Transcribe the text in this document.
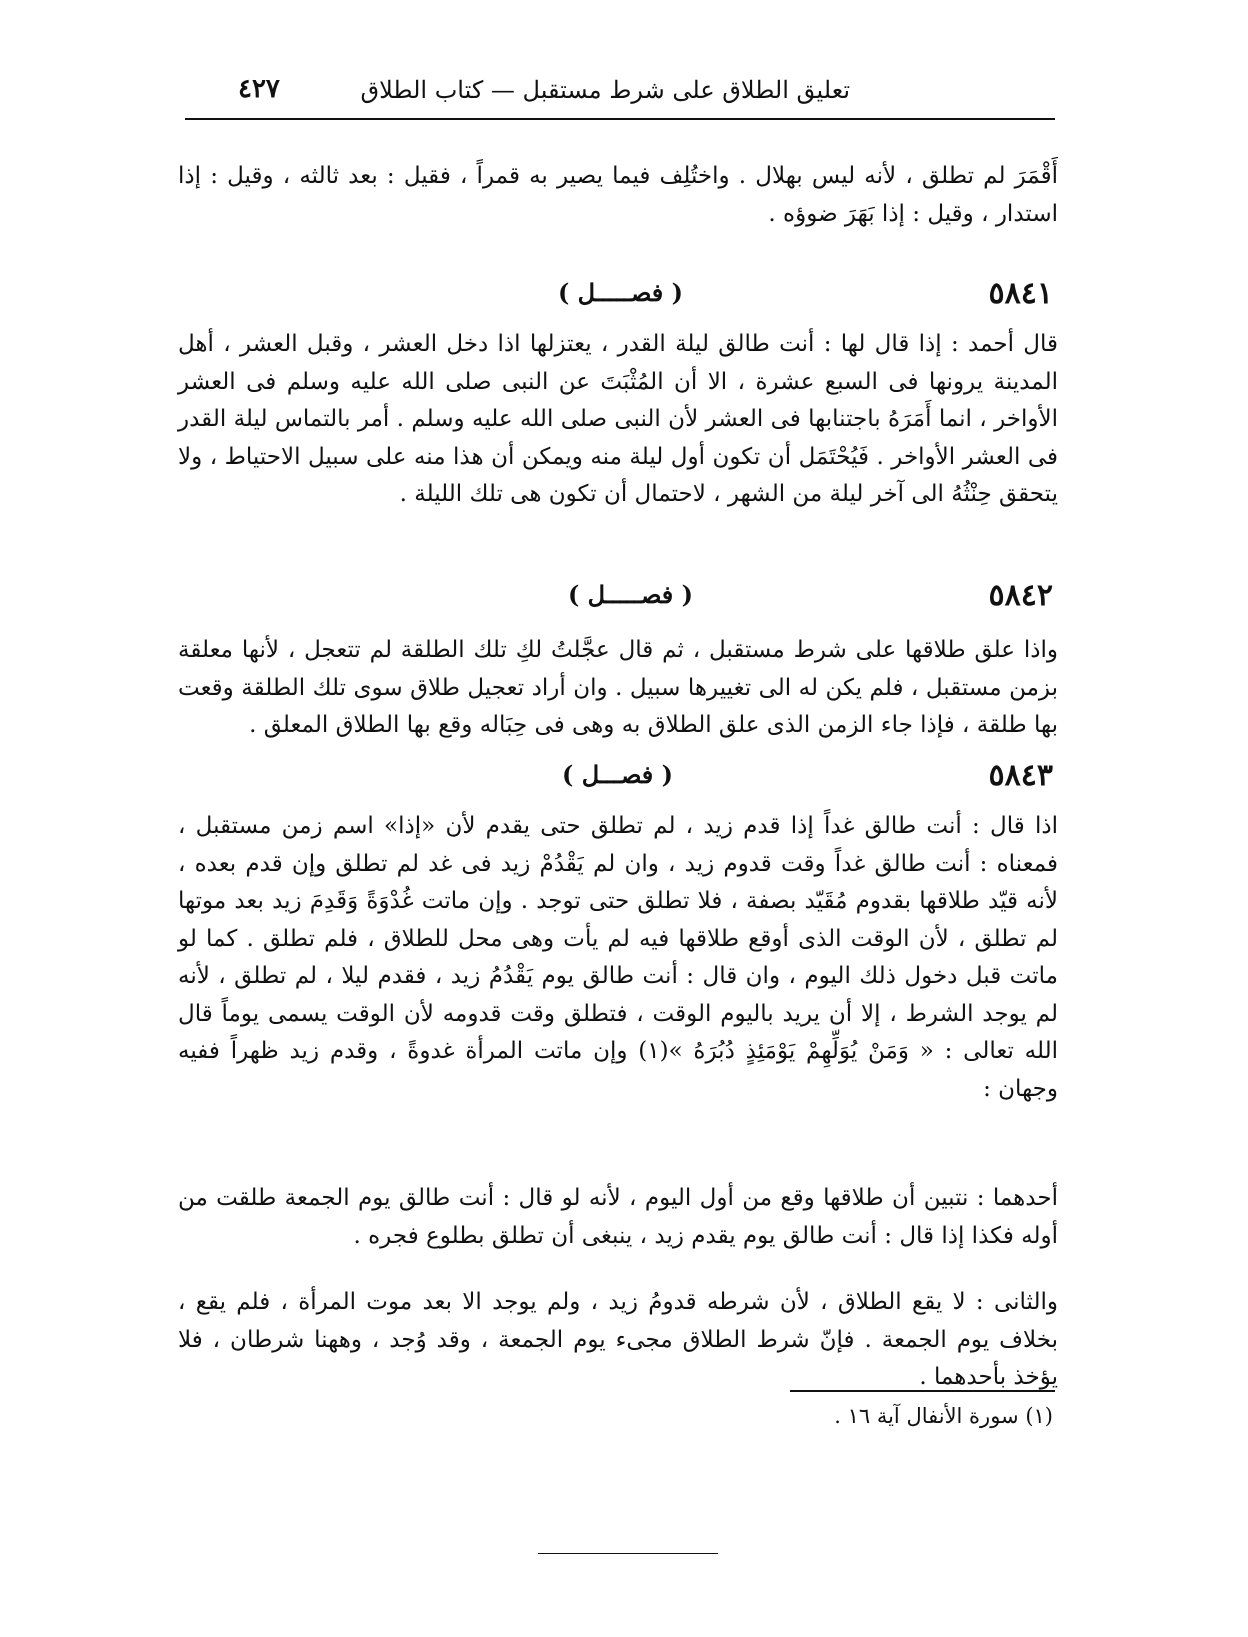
تعليق الطلاق على شرط مستقبل — كتاب الطلاق
٤٢٧
أَقْمَرَ لم تطلق ، لأنه ليس بهلال . واختُلِف فيما يصير به قمراً ، فقيل : بعد ثالثه ، وقيل : إذا استدار ، وقيل : إذا بَهَرَ ضوؤه .
٥٨٤١
( فصـــــل )
قال أحمد : إذا قال لها : أنت طالق ليلة القدر ، يعتزلها اذا دخل العشر ، وقبل العشر ، أهل المدينة يرونها فى السبع عشرة ، الا أن المُثْبَتَ عن النبى صلى الله عليه وسلم فى العشر الأواخر ، انما أَمَرَهُ باجتنابها فى العشر لأن النبى صلى الله عليه وسلم . أمر بالتماس ليلة القدر فى العشر الأواخر . فَيُحْتَمَل أن تكون أول ليلة منه ويمكن أن هذا منه على سبيل الاحتياط ، ولا يتحقق حِنْثُهُ الى آخر ليلة من الشهر ، لاحتمال أن تكون هى تلك الليلة .
٥٨٤٢
( فصـــــل )
واذا علق طلاقها على شرط مستقبل ، ثم قال عجَّلتُ لكِ تلك الطلقة لم تتعجل ، لأنها معلقة بزمن مستقبل ، فلم يكن له الى تغييرها سبيل . وان أراد تعجيل طلاق سوى تلك الطلقة وقعت بها طلقة ، فإذا جاء الزمن الذى علق الطلاق به وهى فى حِبَاله وقع بها الطلاق المعلق .
٥٨٤٣
( فصـــل )
اذا قال : أنت طالق غداً إذا قدم زيد ، لم تطلق حتى يقدم لأن «إذا» اسم زمن مستقبل ، فمعناه : أنت طالق غداً وقت قدوم زيد ، وان لم يَقْدُمْ زيد فى غد لم تطلق وإن قدم بعده ، لأنه قيّد طلاقها بقدوم مُقَيّد بصفة ، فلا تطلق حتى توجد . وإن ماتت غُدْوَةً وَقَدِمَ زيد بعد موتها لم تطلق ، لأن الوقت الذى أوقع طلاقها فيه لم يأت وهى محل للطلاق ، فلم تطلق . كما لو ماتت قبل دخول ذلك اليوم ، وان قال : أنت طالق يوم يَقْدُمُ زيد ، فقدم ليلا ، لم تطلق ، لأنه لم يوجد الشرط ، إلا أن يريد باليوم الوقت ، فتطلق وقت قدومه لأن الوقت يسمى يوماً قال الله تعالى : « وَمَنْ يُوَلِّهِمْ يَوْمَئِذٍ دُبُرَهُ »(١) وإن ماتت المرأة غدوةً ، وقدم زيد ظهراً ففيه وجهان :
أحدهما : نتبين أن طلاقها وقع من أول اليوم ، لأنه لو قال : أنت طالق يوم الجمعة طلقت من أوله فكذا إذا قال : أنت طالق يوم يقدم زيد ، ينبغى أن تطلق بطلوع فجره .
والثانى : لا يقع الطلاق ، لأن شرطه قدومُ زيد ، ولم يوجد الا بعد موت المرأة ، فلم يقع ، بخلاف يوم الجمعة . فإنّ شرط الطلاق مجىء يوم الجمعة ، وقد وُجد ، وههنا شرطان ، فلا يؤخذ بأحدهما .
(١) سورة الأنفال آية ١٦ .
